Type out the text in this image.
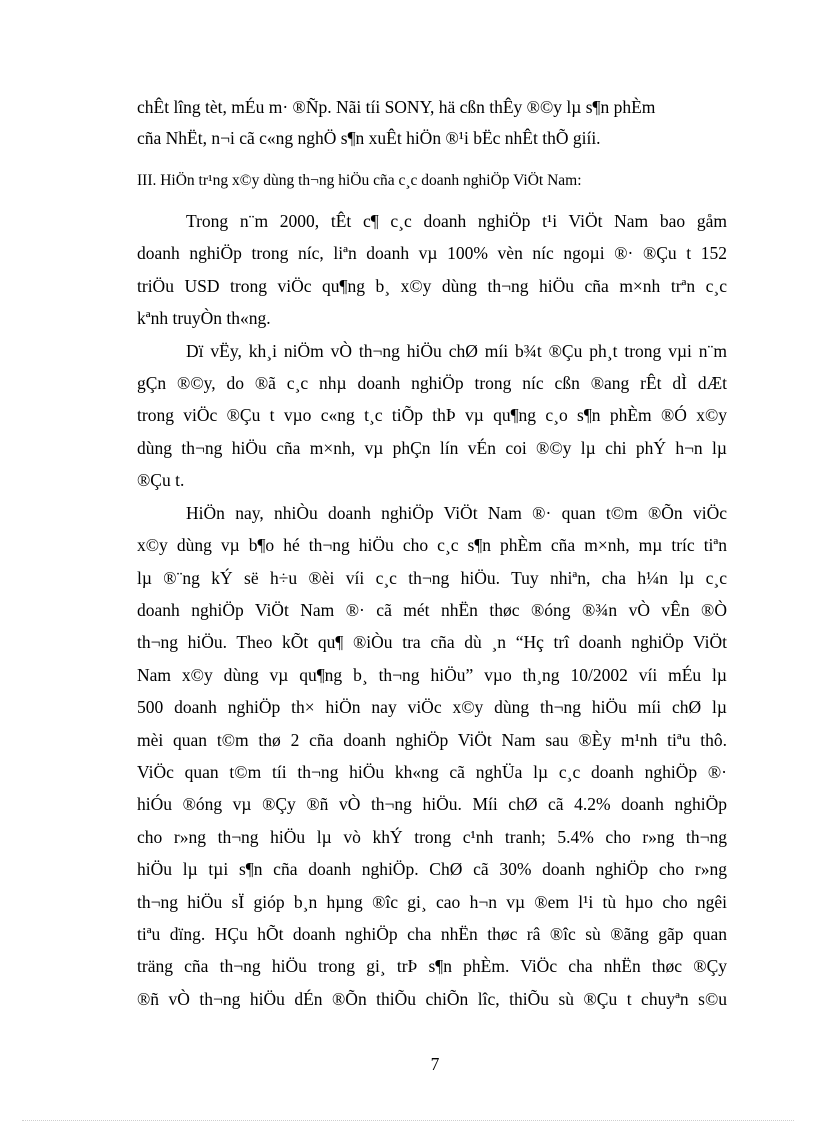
chÊt lîng tèt, mÉu m· ®Ñp. Nãi tíi SONY, hä cßn thÊy ®©y lµ s¶n phÈm
cña NhËt, n¬i cã c«ng nghÖ s¶n xuÊt hiÖn ®¹i bËc nhÊt thÕ giíi.
III. HiÖn tr¹ng x©y dùng th¬ng hiÖu cña c¸c doanh nghiÖp ViÖt Nam:
Trong n¨m 2000, tÊt c¶ c¸c doanh nghiÖp t¹i ViÖt Nam bao gåm
doanh nghiÖp trong níc, liªn doanh vµ 100% vèn níc ngoµi ®· ®Çu t 152
triÖu USD trong viÖc qu¶ng b¸ x©y dùng th¬ng hiÖu cña m×nh trªn c¸c
kªnh truyÒn th«ng.
Dï vËy, kh¸i niÖm vÒ th¬ng hiÖu chØ míi b¾t ®Çu ph¸t trong vµi n¨m
gÇn ®©y, do ®ã c¸c nhµ doanh nghiÖp trong níc cßn ®ang rÊt dÌ dÆt
trong viÖc ®Çu t vµo c«ng t¸c tiÕp thÞ vµ qu¶ng c¸o s¶n phÈm ®Ó x©y
dùng th¬ng hiÖu cña m×nh, vµ phÇn lín vÉn coi ®©y lµ chi phÝ h¬n lµ
®Çu t.
HiÖn nay, nhiÒu doanh nghiÖp ViÖt Nam ®· quan t©m ®Õn viÖc
x©y dùng vµ b¶o hé th¬ng hiÖu cho c¸c s¶n phÈm cña m×nh, mµ tríc tiªn
lµ ®¨ng kÝ së h÷u ®èi víi c¸c th¬ng hiÖu. Tuy nhiªn, cha h¼n lµ c¸c
doanh nghiÖp ViÖt Nam ®· cã mét nhËn thøc ®óng ®¾n vÒ vÊn ®Ò
th¬ng hiÖu. Theo kÕt qu¶ ®iÒu tra cña dù ¸n “Hç trî doanh nghiÖp ViÖt
Nam x©y dùng vµ qu¶ng b¸ th¬ng hiÖu” vµo th¸ng 10/2002 víi mÉu lµ
500 doanh nghiÖp th× hiÖn nay viÖc x©y dùng th¬ng hiÖu míi chØ lµ
mèi quan t©m thø 2 cña doanh nghiÖp ViÖt Nam sau ®Èy m¹nh tiªu thô.
ViÖc quan t©m tíi th¬ng hiÖu kh«ng cã nghÜa lµ c¸c doanh nghiÖp ®·
hiÓu ®óng vµ ®Çy ®ñ vÒ th¬ng hiÖu. Míi chØ cã 4.2% doanh nghiÖp
cho r»ng th¬ng hiÖu lµ vò khÝ trong c¹nh tranh; 5.4% cho r»ng th¬ng
hiÖu lµ tµi s¶n cña doanh nghiÖp. ChØ cã 30% doanh nghiÖp cho r»ng
th¬ng hiÖu sÏ gióp b¸n hµng ®îc gi¸ cao h¬n vµ ®em l¹i tù hµo cho ngêi
tiªu dïng. HÇu hÕt doanh nghiÖp cha nhËn thøc râ ®îc sù ®ãng gãp quan
träng cña th¬ng hiÖu trong gi¸ trÞ s¶n phÈm. ViÖc cha nhËn thøc ®Çy
®ñ vÒ th¬ng hiÖu dÉn ®Õn thiÕu chiÕn lîc, thiÕu sù ®Çu t chuyªn s©u
7
